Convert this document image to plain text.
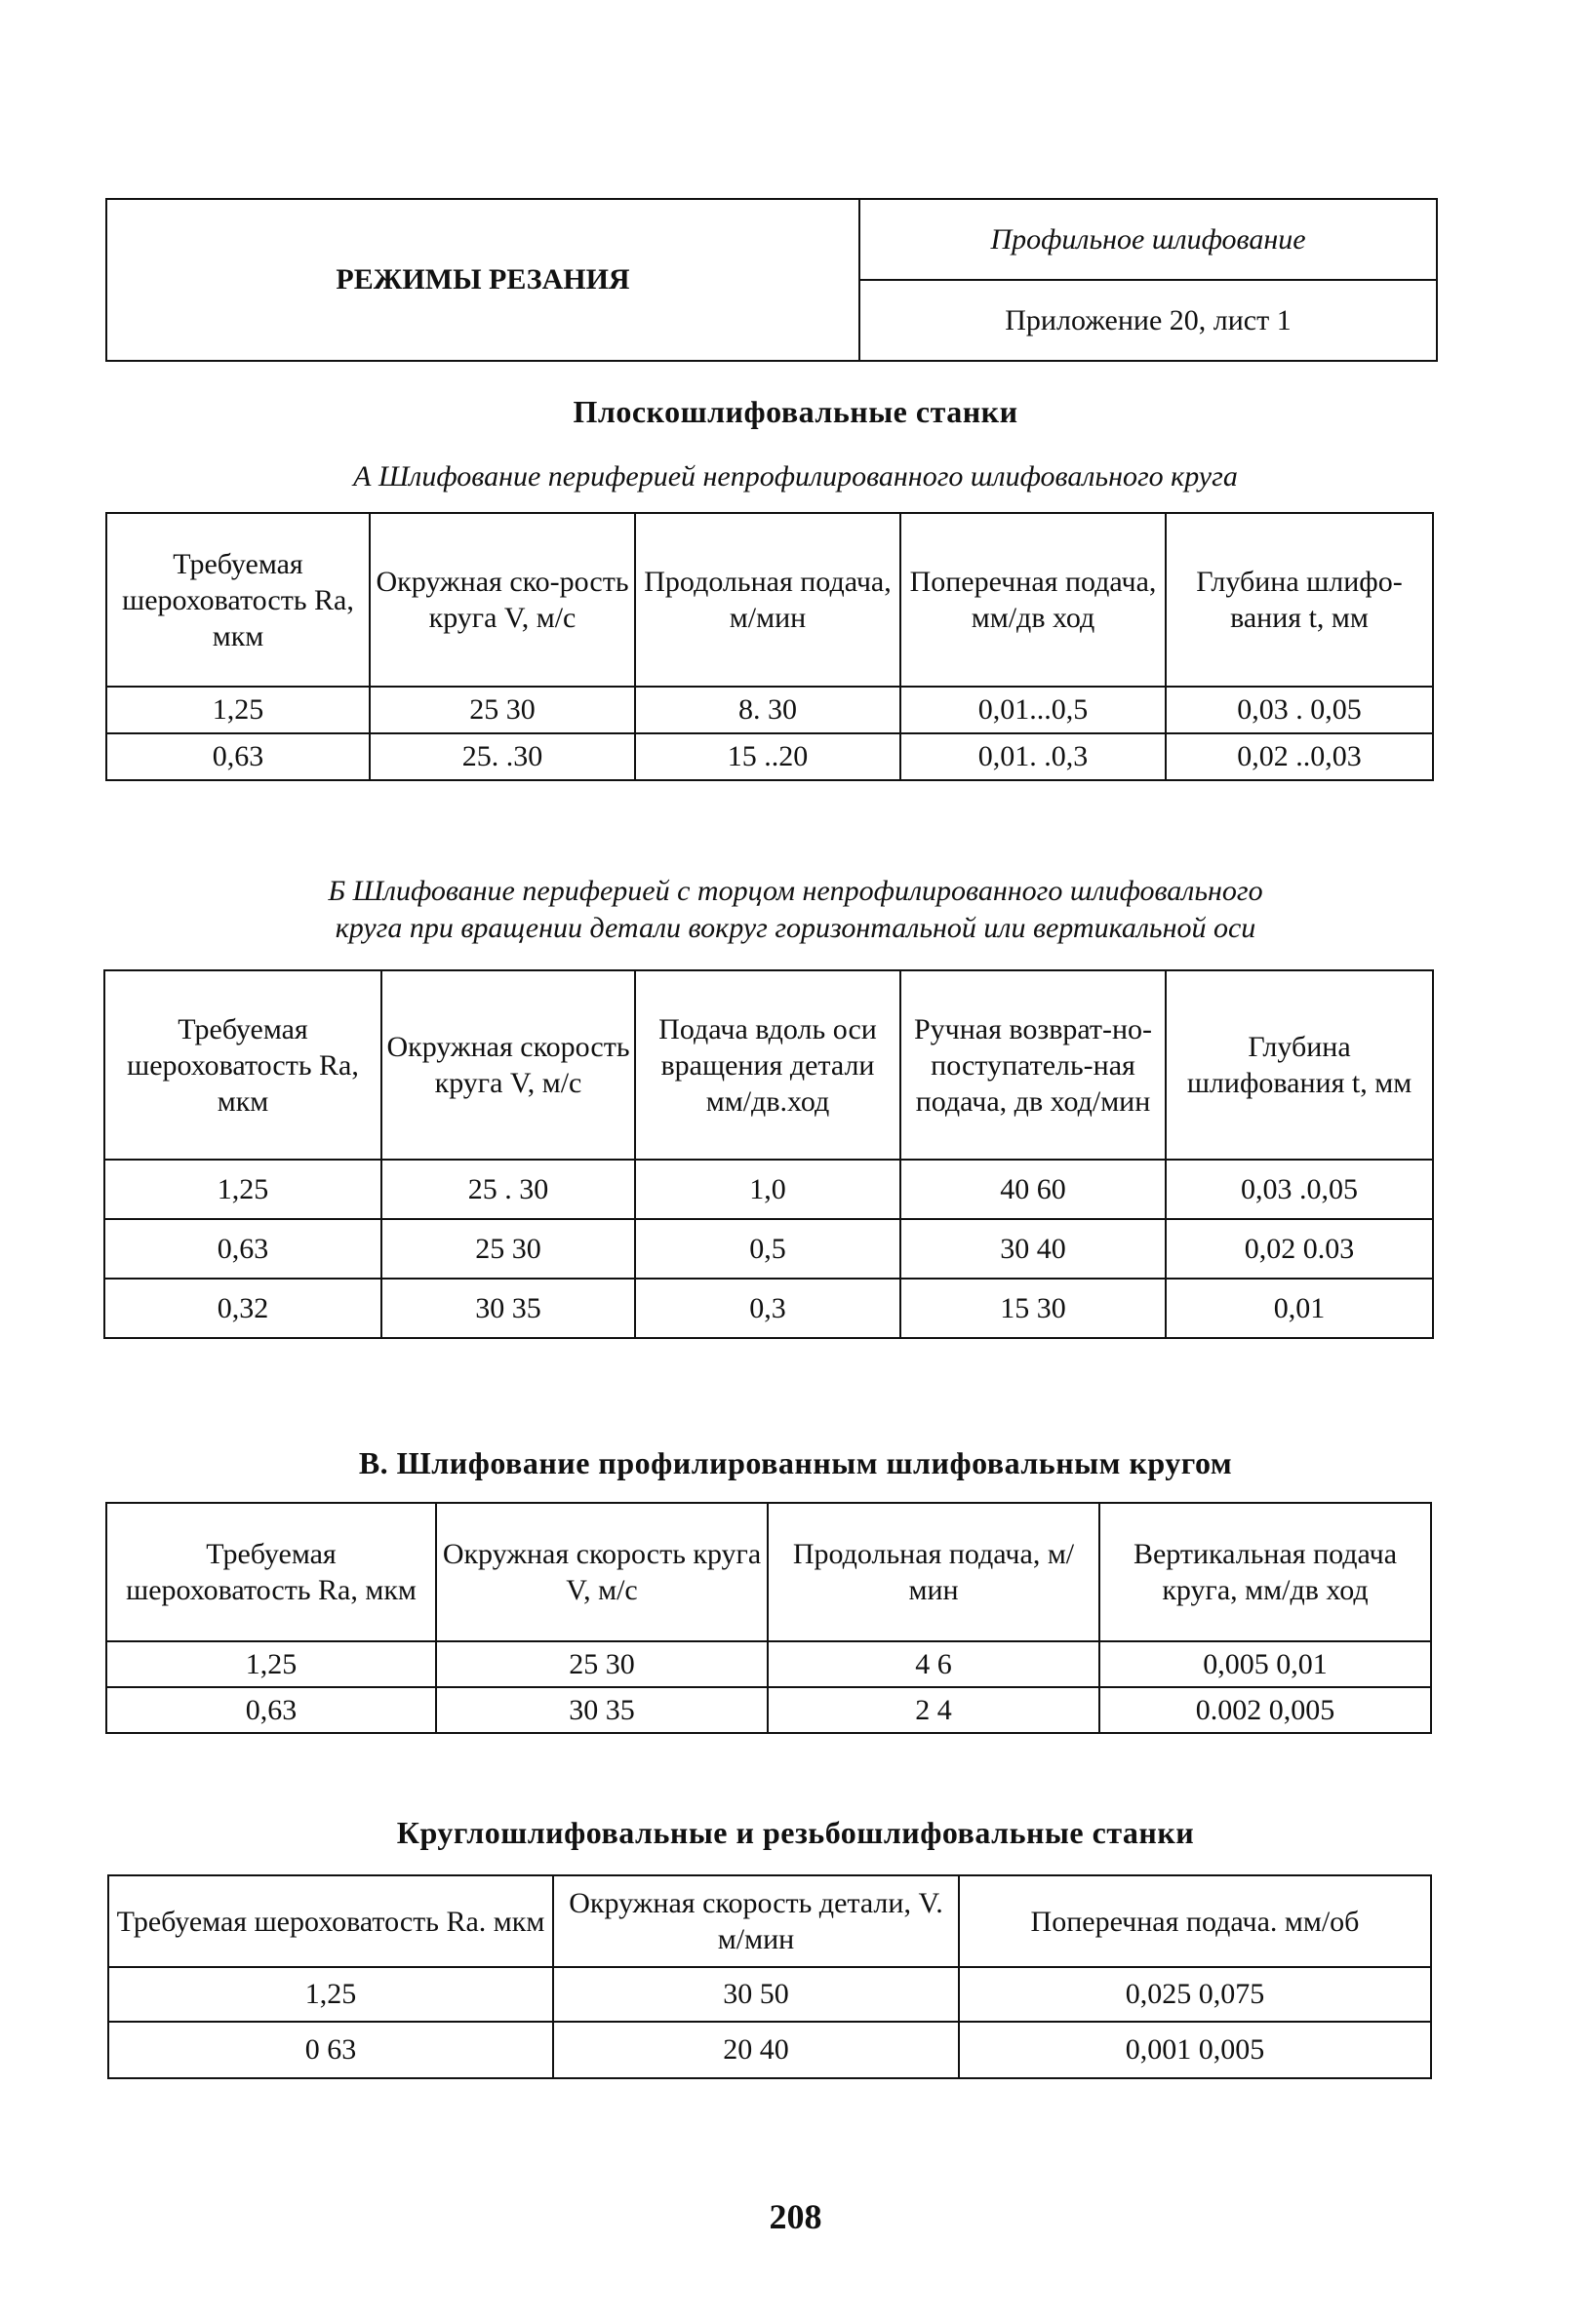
РЕЖИМЫ РЕЗАНИЯ	Профильное шлифование
Приложение 20, лист 1
Плоскошлифовальные станки
А Шлифование периферией непрофилированного шлифовального круга
Требуемая шероховатость Ra, мкм	Окружная ско-рость круга V, м/с	Продольная подача, м/мин	Поперечная подача, мм/дв ход	Глубина шлифо-вания t, мм
1,25	25 30	8. 30	0,01...0,5	0,03 . 0,05
0,63	25. .30	15 ..20	0,01. .0,3	0,02 ..0,03
Б Шлифование периферией с торцом непрофилированного шлифовального
круга при вращении детали вокруг горизонтальной или вертикальной оси
Требуемая шероховатость Ra, мкм	Окружная скорость круга V, м/с	Подача вдоль оси вращения детали мм/дв.ход	Ручная возврат-но-поступатель-ная подача, дв ход/мин	Глубина шлифования t, мм
1,25	25 . 30	1,0	40 60	0,03 .0,05
0,63	25 30	0,5	30 40	0,02 0.03
0,32	30 35	0,3	15 30	0,01
В. Шлифование профилированным шлифовальным кругом
Требуемая шероховатость Ra, мкм	Окружная скорость круга V, м/с	Продольная подача, м/мин	Вертикальная подача круга, мм/дв ход
1,25	25 30	4 6	0,005 0,01
0,63	30 35	2 4	0.002 0,005
Круглошлифовальные и резьбошлифовальные станки
Требуемая шероховатость Ra. мкм	Окружная скорость детали, V. м/мин	Поперечная подача. мм/об
1,25	30 50	0,025 0,075
0 63	20 40	0,001 0,005
208
